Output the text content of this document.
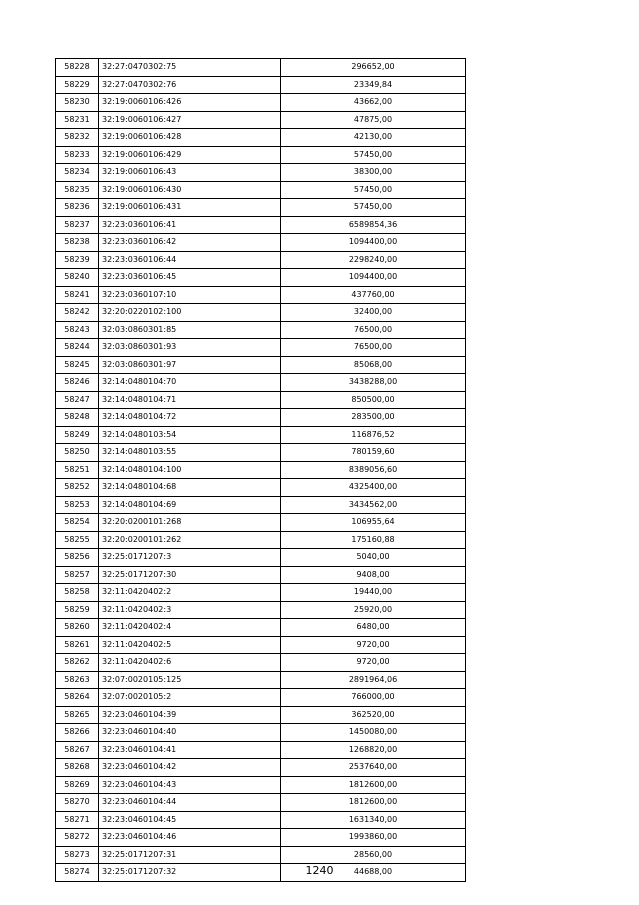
58228	32:27:0470302:75	296652,00
58229	32:27:0470302:76	23349,84
58230	32:19:0060106:426	43662,00
58231	32:19:0060106:427	47875,00
58232	32:19:0060106:428	42130,00
58233	32:19:0060106:429	57450,00
58234	32:19:0060106:43	38300,00
58235	32:19:0060106:430	57450,00
58236	32:19:0060106:431	57450,00
58237	32:23:0360106:41	6589854,36
58238	32:23:0360106:42	1094400,00
58239	32:23:0360106:44	2298240,00
58240	32:23:0360106:45	1094400,00
58241	32:23:0360107:10	437760,00
58242	32:20:0220102:100	32400,00
58243	32:03:0860301:85	76500,00
58244	32:03:0860301:93	76500,00
58245	32:03:0860301:97	85068,00
58246	32:14:0480104:70	3438288,00
58247	32:14:0480104:71	850500,00
58248	32:14:0480104:72	283500,00
58249	32:14:0480103:54	116876,52
58250	32:14:0480103:55	780159,60
58251	32:14:0480104:100	8389056,60
58252	32:14:0480104:68	4325400,00
58253	32:14:0480104:69	3434562,00
58254	32:20:0200101:268	106955,64
58255	32:20:0200101:262	175160,88
58256	32:25:0171207:3	5040,00
58257	32:25:0171207:30	9408,00
58258	32:11:0420402:2	19440,00
58259	32:11:0420402:3	25920,00
58260	32:11:0420402:4	6480,00
58261	32:11:0420402:5	9720,00
58262	32:11:0420402:6	9720,00
58263	32:07:0020105:125	2891964,06
58264	32:07:0020105:2	766000,00
58265	32:23:0460104:39	362520,00
58266	32:23:0460104:40	1450080,00
58267	32:23:0460104:41	1268820,00
58268	32:23:0460104:42	2537640,00
58269	32:23:0460104:43	1812600,00
58270	32:23:0460104:44	1812600,00
58271	32:23:0460104:45	1631340,00
58272	32:23:0460104:46	1993860,00
58273	32:25:0171207:31	28560,00
58274	32:25:0171207:32	44688,00
1240
